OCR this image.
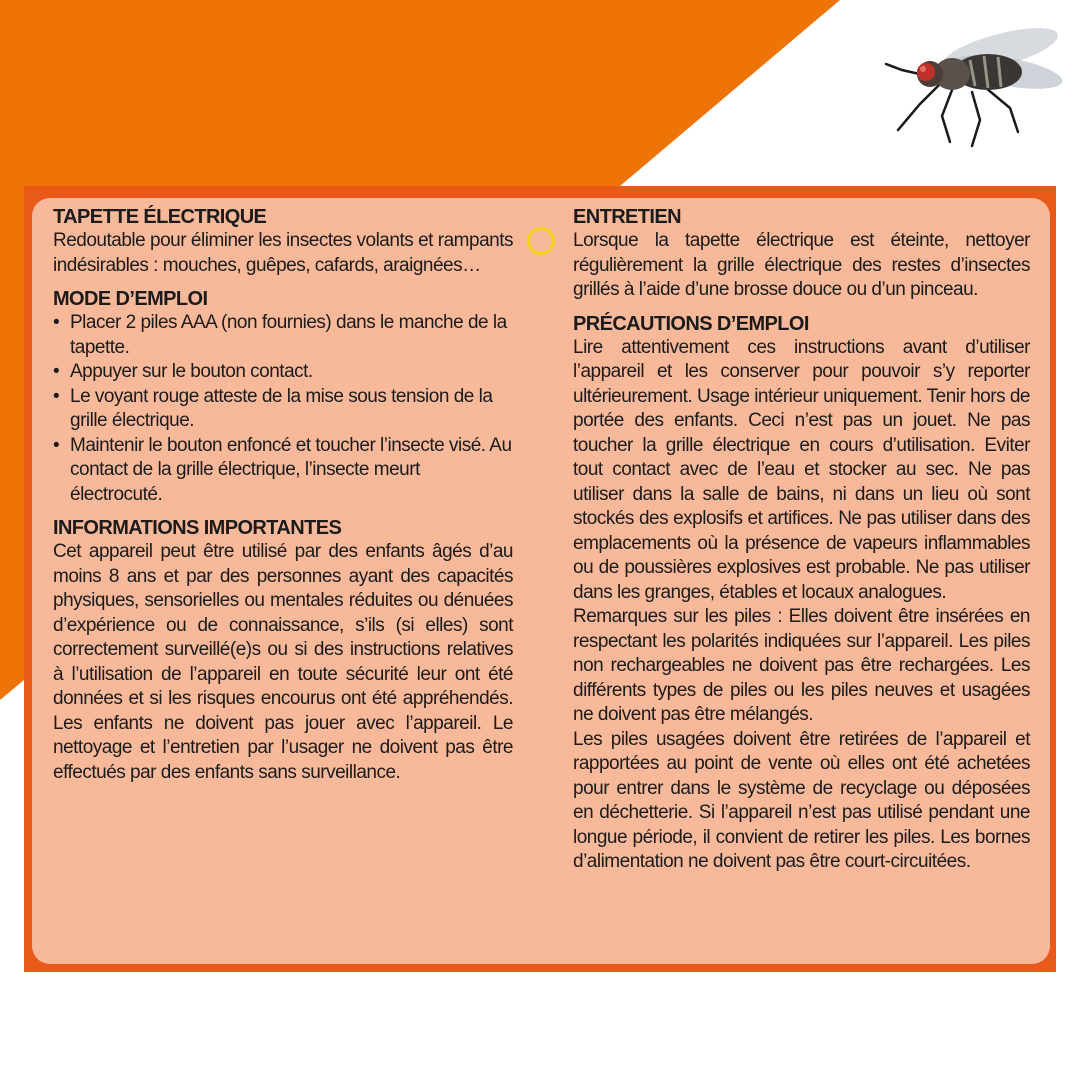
TAPETTE ÉLECTRIQUE

Redoutable pour éliminer les insectes volants et rampants indésirables : mouches, guêpes, cafards, araignées…

MODE D’EMPLOI
• Placer 2 piles AAA (non fournies) dans le manche de la tapette.
• Appuyer sur le bouton contact.
• Le voyant rouge atteste de la mise sous tension de la grille électrique.
• Maintenir le bouton enfoncé et toucher l’insecte visé. Au contact de la grille électrique, l’insecte meurt électrocuté.
INFORMATIONS IMPORTANTES

Cet appareil peut être utilisé par des enfants âgés d’au moins 8 ans et par des personnes ayant des capacités physiques, sensorielles ou mentales réduites ou dénuées d’expérience ou de connaissance, s’ils (si elles) sont correctement surveillé(e)s ou si des instructions relatives à l’utilisation de l’appareil en toute sécurité leur ont été données et si les risques encourus ont été appréhendés. Les enfants ne doivent pas jouer avec l’appareil. Le nettoyage et l’entretien par l’usager ne doivent pas être effectués par des enfants sans surveillance.

ENTRETIEN

Lorsque la tapette électrique est éteinte, nettoyer régulièrement la grille électrique des restes d’insectes grillés à l’aide d’une brosse douce ou d’un pinceau.

PRÉCAUTIONS D’EMPLOI

Lire attentivement ces instructions avant d’utiliser l’appareil et les conserver pour pouvoir s’y reporter ultérieurement. Usage intérieur uniquement. Tenir hors de portée des enfants. Ceci n’est pas un jouet. Ne pas toucher la grille électrique en cours d’utilisation. Eviter tout contact avec de l’eau et stocker au sec. Ne pas utiliser dans la salle de bains, ni dans un lieu où sont stockés des explosifs et artifices. Ne pas utiliser dans des emplacements où la présence de vapeurs inflammables ou de poussières explosives est probable. Ne pas utiliser dans les granges, étables et locaux analogues.

Remarques sur les piles : Elles doivent être insérées en respectant les polarités indiquées sur l’appareil. Les piles non rechargeables ne doivent pas être rechargées. Les différents types de piles ou les piles neuves et usagées ne doivent pas être mélangés.

Les piles usagées doivent être retirées de l’appareil et rapportées au point de vente où elles ont été achetées pour entrer dans le système de recyclage ou déposées en déchetterie. Si l’appareil n’est pas utilisé pendant une longue période, il convient de retirer les piles. Les bornes d’alimentation ne doivent pas être court-circuitées.
